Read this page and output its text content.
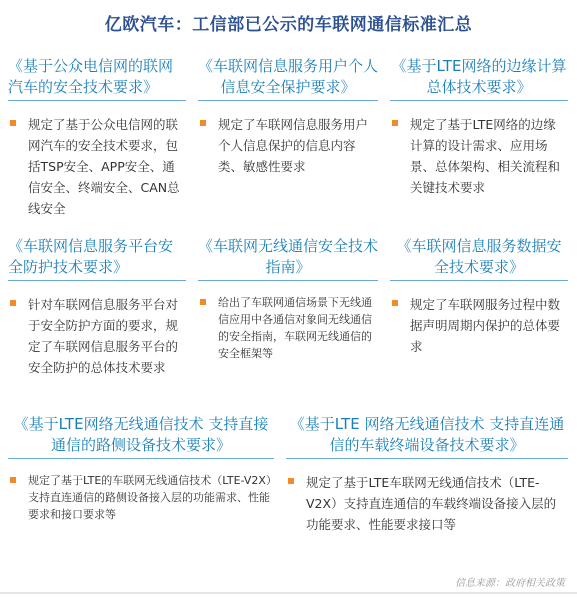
亿欧汽车：工信部已公示的车联网通信标准汇总
《基于公众电信网的联网汽车的安全技术要求》
规定了基于公众电信网的联网汽车的安全技术要求，包括TSP安全、APP安全、通信安全、终端安全、CAN总线安全
《车联网信息服务用户个人信息安全保护要求》
规定了车联网信息服务用户个人信息保护的信息内容类、敏感性要求
《基于LTE网络的边缘计算总体技术要求》
规定了基于LTE网络的边缘计算的设计需求、应用场景、总体架构、相关流程和关键技术要求
《车联网信息服务平台安全防护技术要求》
针对车联网信息服务平台对于安全防护方面的要求，规定了车联网信息服务平台的安全防护的总体技术要求
《车联网无线通信安全技术指南》
给出了车联网通信场景下无线通信应用中各通信对象间无线通信的安全指南，车联网无线通信的安全框架等
《车联网信息服务数据安全技术要求》
规定了车联网服务过程中数据声明周期内保护的总体要求
《基于LTE网络无线通信技术 支持直接通信的路侧设备技术要求》
规定了基于LTE的车联网无线通信技术（LTE-V2X）支持直连通信的路侧设备接入层的功能需求、性能要求和接口要求等
《基于LTE 网络无线通信技术 支持直连通信的车载终端设备技术要求》
规定了基于LTE车联网无线通信技术（LTE-V2X）支持直连通信的车载终端设备接入层的功能要求、性能要求接口等
信息来源：政府相关政策
